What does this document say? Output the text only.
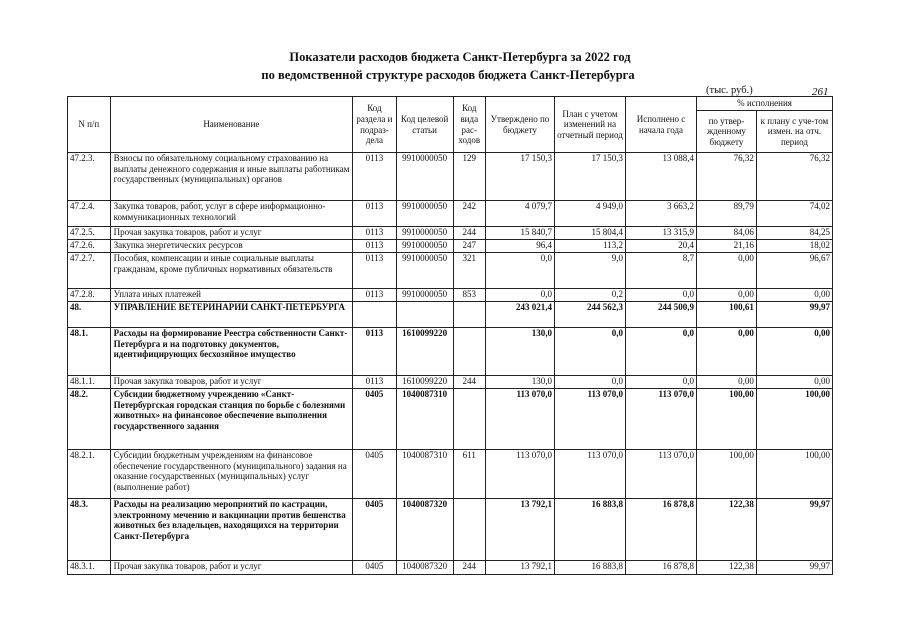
Показатели расходов бюджета Санкт-Петербурга за 2022 год
по ведомственной структуре расходов бюджета Санкт-Петербурга
(тыс. руб.)	261
N п/п	Наименование	Код раздела и подраз-дела	Код целевой статьи	Код вида рас-ходов	Утверждено по бюджету	План с учетом изменений на отчетный период	Исполнено с начала года	% исполнения	
								по утвер-жденному бюджету	к плану с уче-том измен. на отч. период
47.2.3.	Взносы по обязательному социальному страхованию на выплаты денежного содержания и иные выплаты работникам государственных (муниципальных) органов	0113	9910000050	129	17 150,3	17 150,3	13 088,4	76,32	76,32
47.2.4.	Закупка товаров, работ, услуг в сфере информационно-коммуникационных технологий	0113	9910000050	242	4 079,7	4 949,0	3 663,2	89,79	74,02
47.2.5.	Прочая закупка товаров, работ и услуг	0113	9910000050	244	15 840,7	15 804,4	13 315,9	84,06	84,25
47.2.6.	Закупка энергетических ресурсов	0113	9910000050	247	96,4	113,2	20,4	21,16	18,02
47.2.7.	Пособия, компенсации и иные социальные выплаты гражданам, кроме публичных нормативных обязательств	0113	9910000050	321	0,0	9,0	8,7	0,00	96,67
47.2.8.	Уплата иных платежей	0113	9910000050	853	0,0	0,2	0,0	0,00	0,00
48.	УПРАВЛЕНИЕ ВЕТЕРИНАРИИ САНКТ-ПЕТЕРБУРГА				243 021,4	244 562,3	244 500,9	100,61	99,97
48.1.	Расходы на формирование Реестра собственности Санкт-Петербурга и на подготовку документов, идентифицирующих бесхозяйное имущество	0113	1610099220		130,0	0,0	0,0	0,00	0,00
48.1.1.	Прочая закупка товаров, работ и услуг	0113	1610099220	244	130,0	0,0	0,0	0,00	0,00
48.2.	Субсидии бюджетному учреждению «Санкт-Петербургская городская станция по борьбе с болезнями животных» на финансовое обеспечение выполнения государственного задания	0405	1040087310		113 070,0	113 070,0	113 070,0	100,00	100,00
48.2.1.	Субсидии бюджетным учреждениям на финансовое обеспечение государственного (муниципального) задания на оказание государственных (муниципальных) услуг (выполнение работ)	0405	1040087310	611	113 070,0	113 070,0	113 070,0	100,00	100,00
48.3.	Расходы на реализацию мероприятий по кастрации, электронному мечению и вакцинации против бешенства животных без владельцев, находящихся на территории Санкт-Петербурга	0405	1040087320		13 792,1	16 883,8	16 878,8	122,38	99,97
48.3.1.	Прочая закупка товаров, работ и услуг	0405	1040087320	244	13 792,1	16 883,8	16 878,8	122,38	99,97
